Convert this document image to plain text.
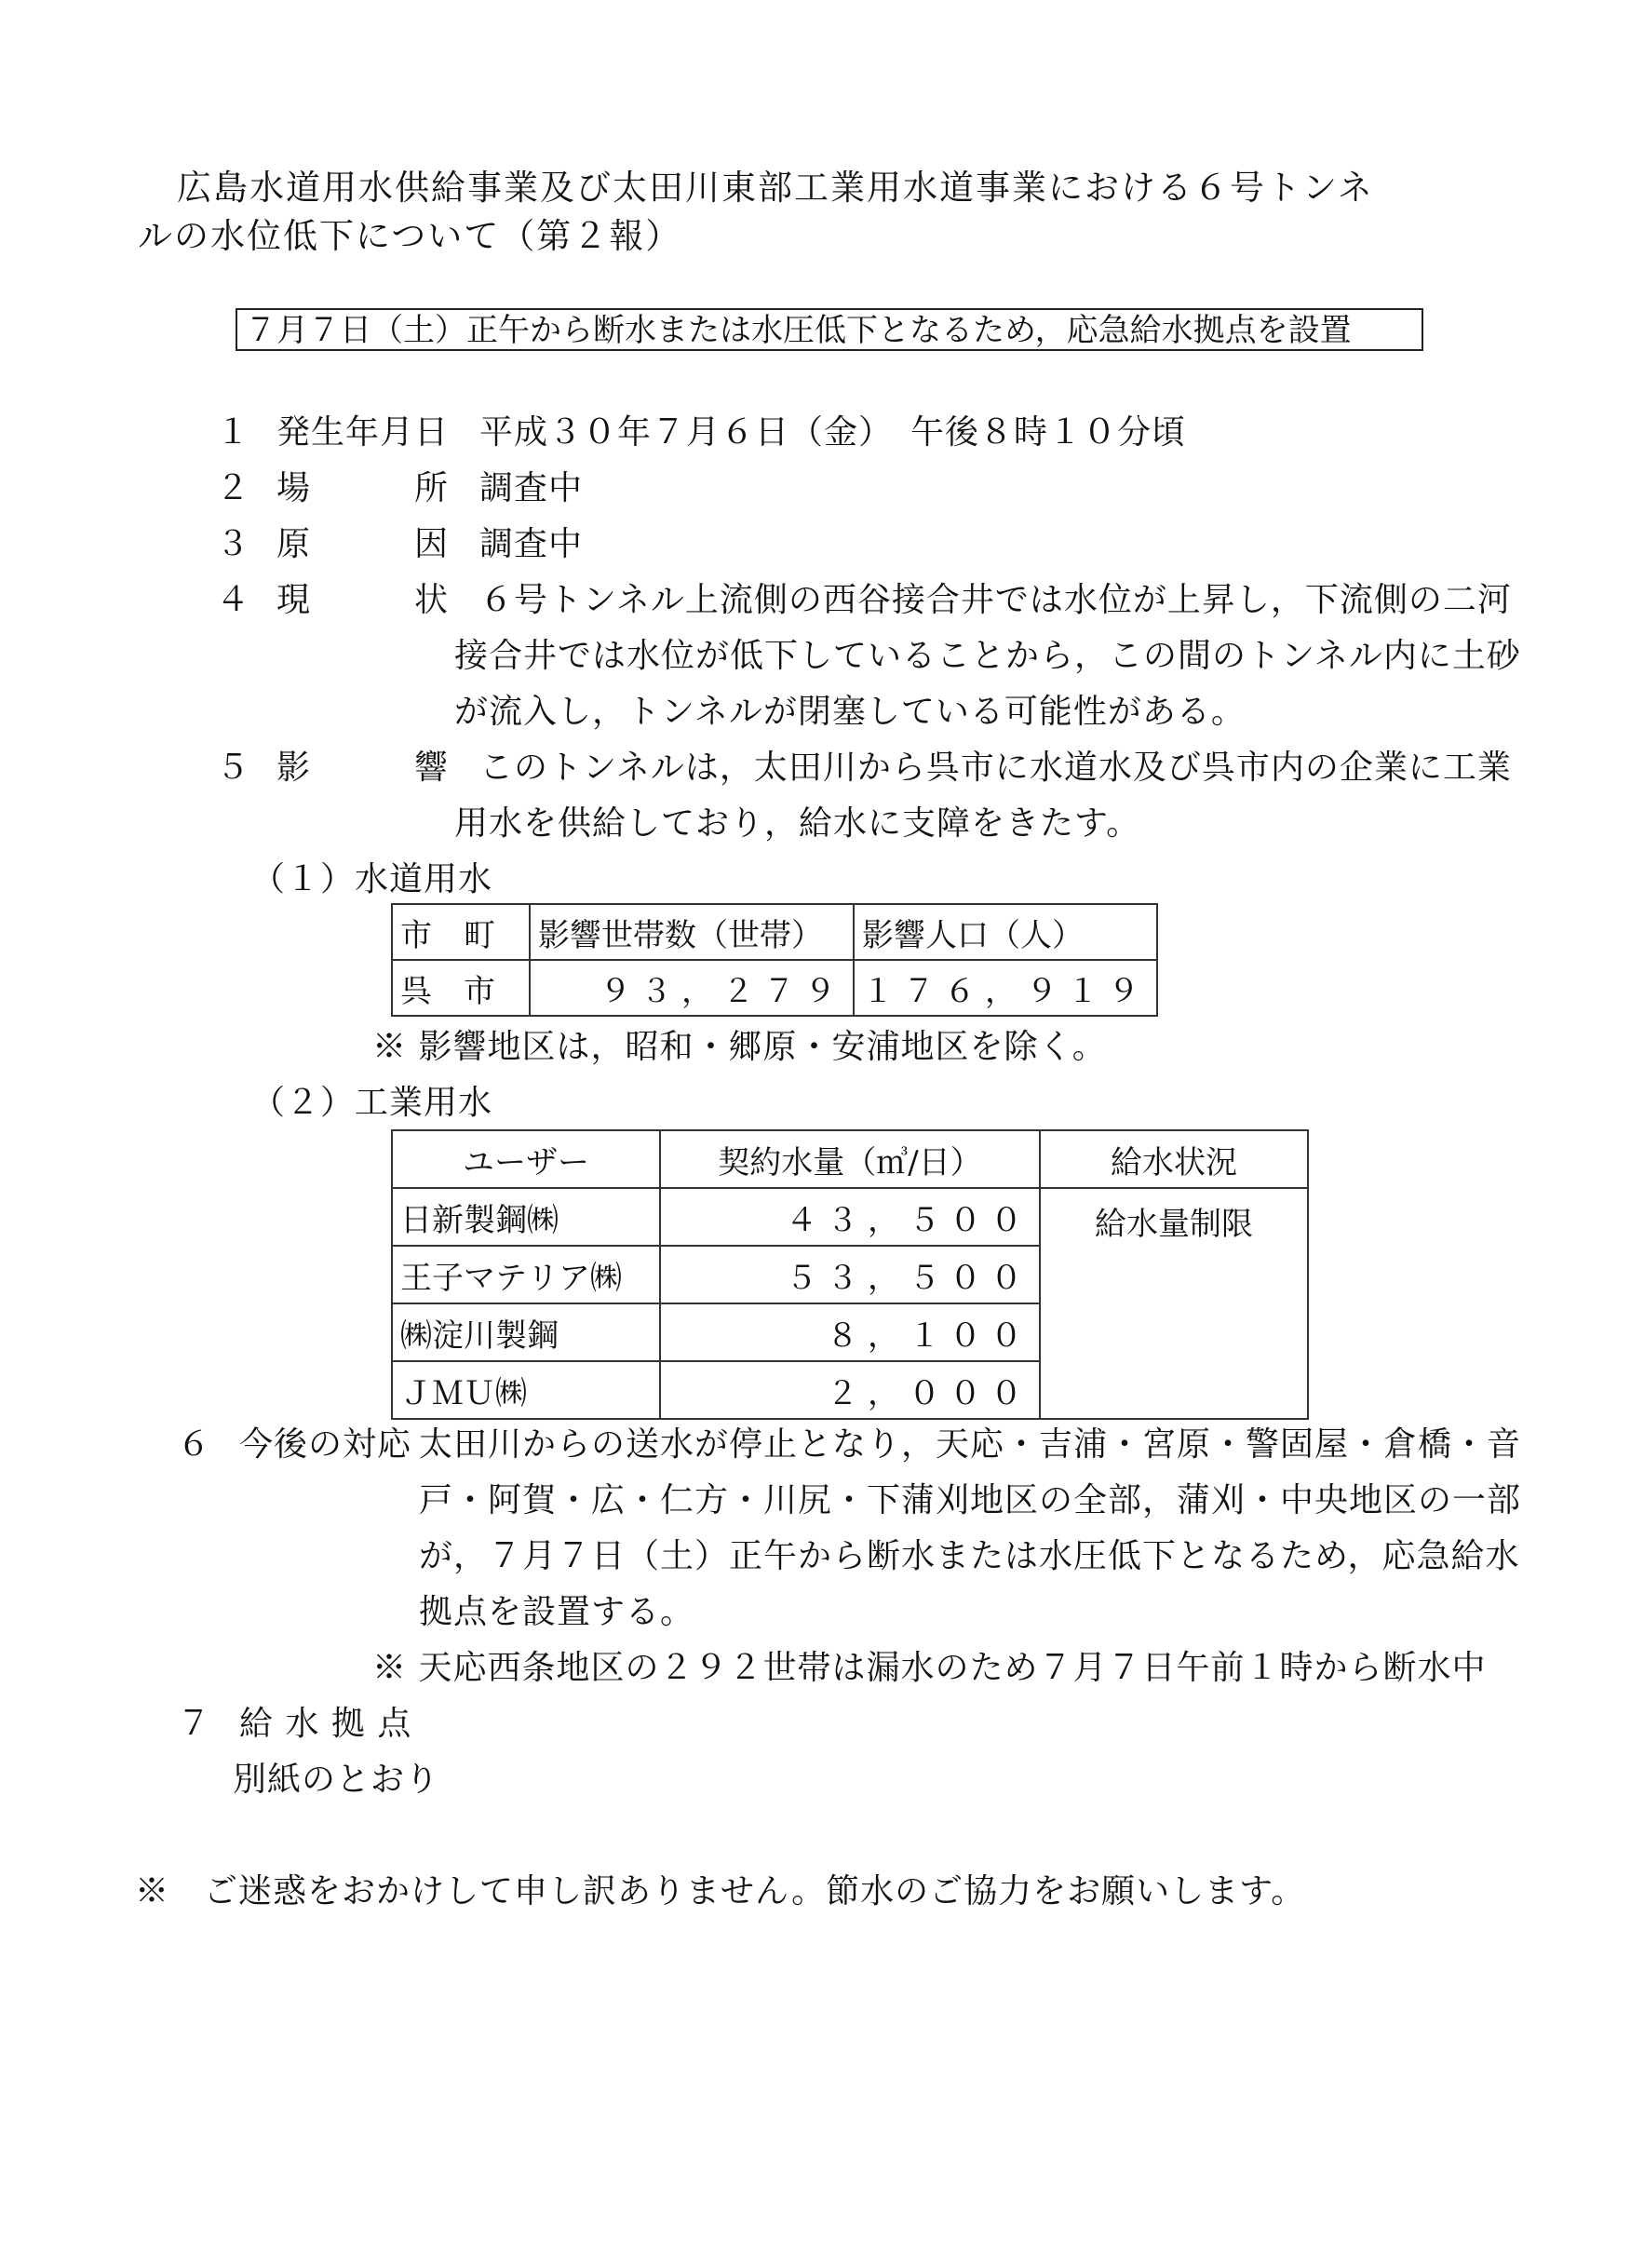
広島水道用水供給事業及び太田川東部工業用水道事業における６号トンネ
ルの水位低下について（第２報）
７月７日（土）正午から断水または水圧低下となるため，応急給水拠点を設置
１ 発生年月日 平成３０年７月６日（金）　午後８時１０分頃
２ 場　　　所 調査中
３ 原　　　因 調査中
４ 現　　　状 ６号トンネル上流側の西谷接合井では水位が上昇し，下流側の二河
接合井では水位が低下していることから，この間のトンネル内に土砂
が流入し，トンネルが閉塞している可能性がある。
５ 影　　　響 このトンネルは，太田川から呉市に水道水及び呉市内の企業に工業
用水を供給しており，給水に支障をきたす。
（１）水道用水
市　町	影響世帯数（世帯）	影響人口（人）
呉　市	９３，２７９	１７６，９１９
※ 影響地区は，昭和・郷原・安浦地区を除く。
（２）工業用水
ユーザー	契約水量（㎥/日）	給水状況
日新製鋼㈱	４３，５００	給水量制限
王子マテリア㈱	５３，５００	
㈱淀川製鋼	８，１００	
ＪＭＵ㈱	２，０００	
６ 今後の対応 太田川からの送水が停止となり，天応・吉浦・宮原・警固屋・倉橋・音
戸・阿賀・広・仁方・川尻・下蒲刈地区の全部，蒲刈・中央地区の一部
が，７月７日（土）正午から断水または水圧低下となるため，応急給水
拠点を設置する。
※ 天応西条地区の２９２世帯は漏水のため７月７日午前１時から断水中
７ 給 水 拠 点
別紙のとおり
※　ご迷惑をおかけして申し訳ありません。節水のご協力をお願いします。
